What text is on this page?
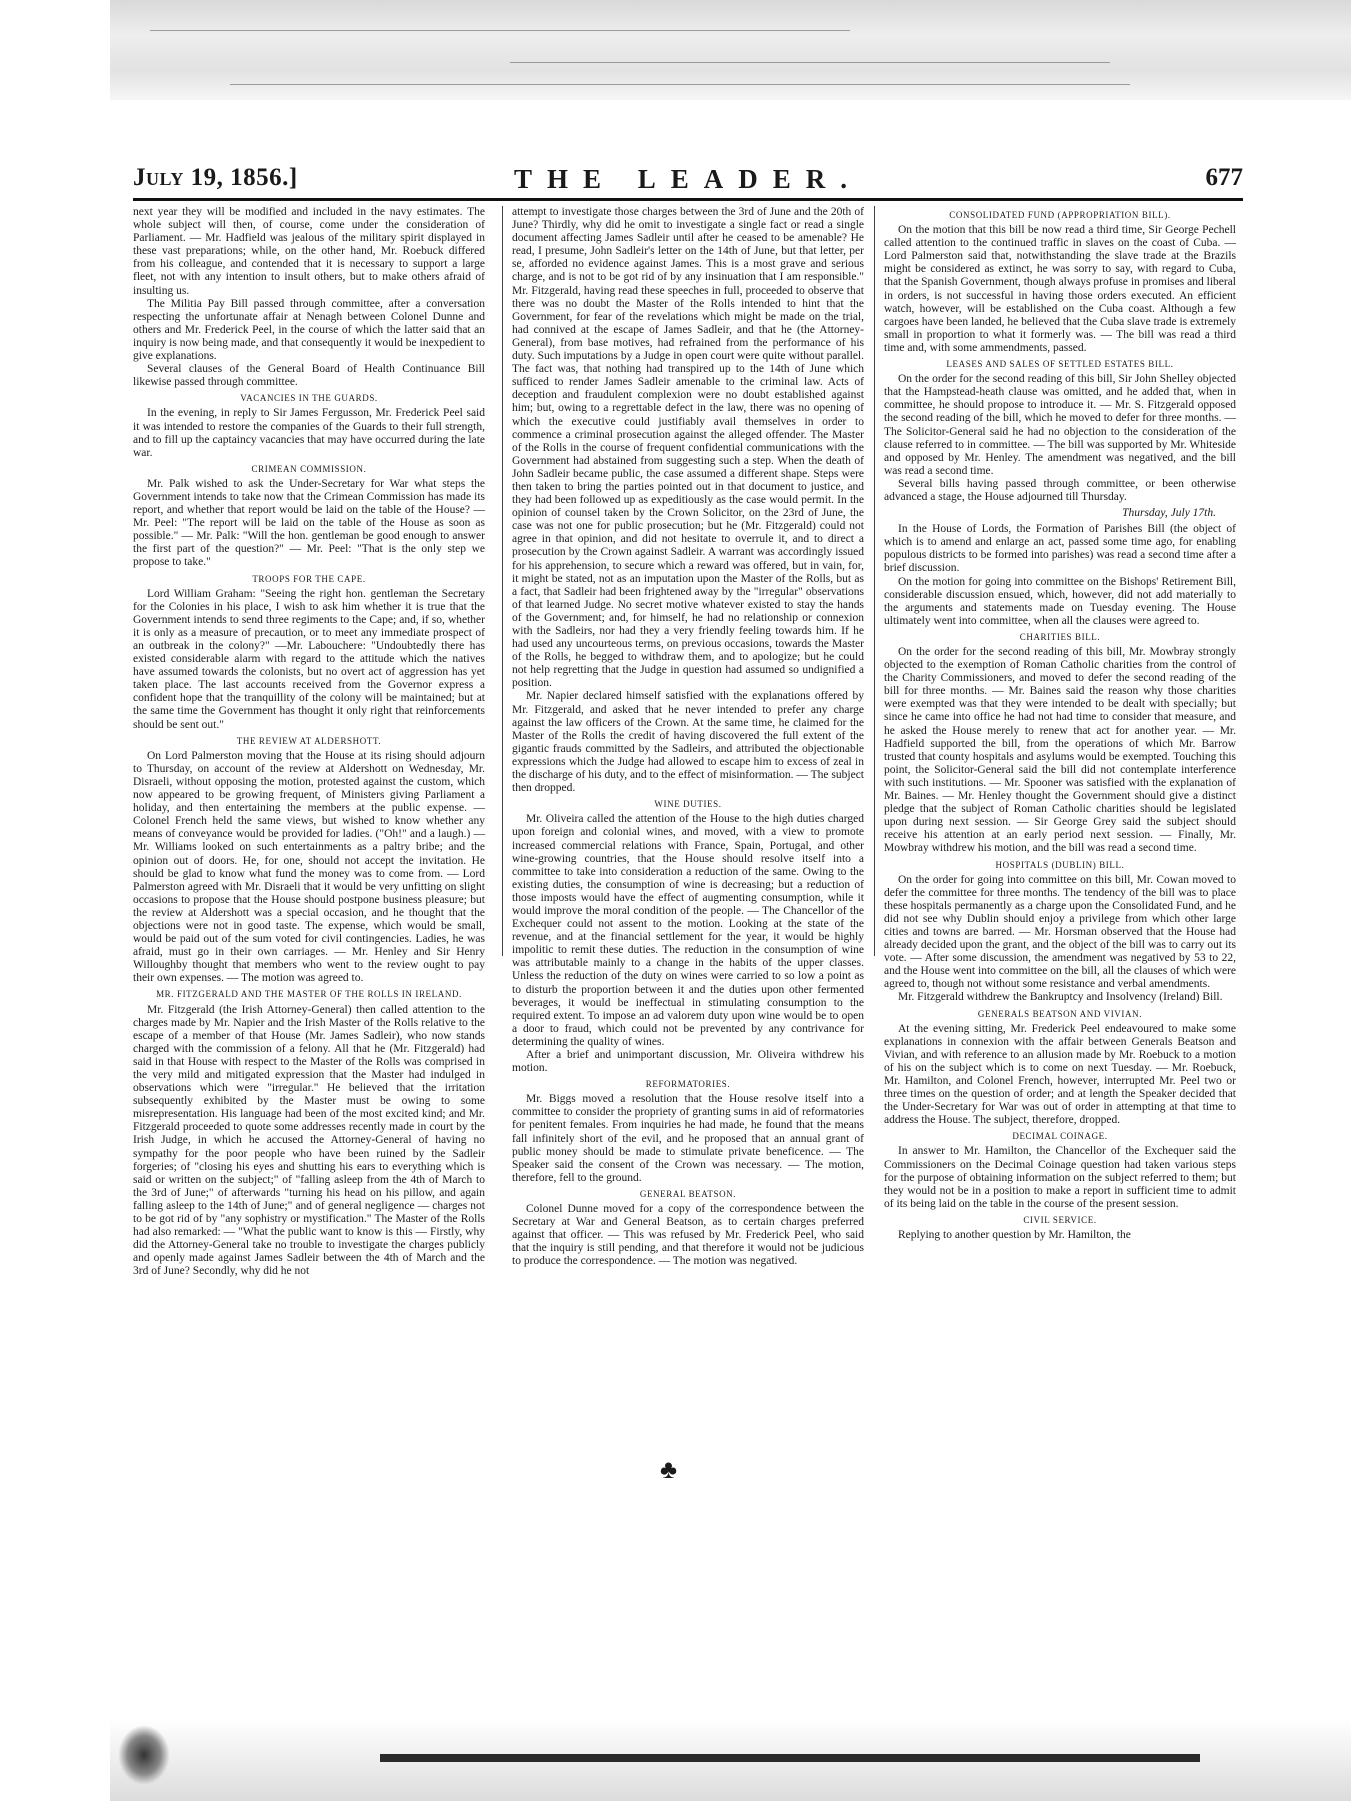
July 19, 1856.]	THE LEADER.	677

next year they will be modified and included in the navy estimates. The whole subject will then, of course, come under the consideration of Parliament. — Mr. Hadfield was jealous of the military spirit displayed in these vast preparations; while, on the other hand, Mr. Roebuck differed from his colleague, and contended that it is necessary to support a large fleet, not with any intention to insult others, but to make others afraid of insulting us.

The Militia Pay Bill passed through committee, after a conversation respecting the unfortunate affair at Nenagh between Colonel Dunne and others and Mr. Frederick Peel, in the course of which the latter said that an inquiry is now being made, and that consequently it would be inexpedient to give explanations.

Several clauses of the General Board of Health Continuance Bill likewise passed through committee.

VACANCIES IN THE GUARDS.

In the evening, in reply to Sir James Fergusson, Mr. Frederick Peel said it was intended to restore the companies of the Guards to their full strength, and to fill up the captaincy vacancies that may have occurred during the late war.

CRIMEAN COMMISSION.

Mr. Palk wished to ask the Under-Secretary for War what steps the Government intends to take now that the Crimean Commission has made its report, and whether that report would be laid on the table of the House? — Mr. Peel: "The report will be laid on the table of the House as soon as possible." — Mr. Palk: "Will the hon. gentleman be good enough to answer the first part of the question?" — Mr. Peel: "That is the only step we propose to take."

TROOPS FOR THE CAPE.

Lord William Graham: "Seeing the right hon. gentleman the Secretary for the Colonies in his place, I wish to ask him whether it is true that the Government intends to send three regiments to the Cape; and, if so, whether it is only as a measure of precaution, or to meet any immediate prospect of an outbreak in the colony?" —Mr. Labouchere: "Undoubtedly there has existed considerable alarm with regard to the attitude which the natives have assumed towards the colonists, but no overt act of aggression has yet taken place. The last accounts received from the Governor express a confident hope that the tranquillity of the colony will be maintained; but at the same time the Government has thought it only right that reinforcements should be sent out."

THE REVIEW AT ALDERSHOTT.

On Lord Palmerston moving that the House at its rising should adjourn to Thursday, on account of the review at Aldershott on Wednesday, Mr. Disraeli, without opposing the motion, protested against the custom, which now appeared to be growing frequent, of Ministers giving Parliament a holiday, and then entertaining the members at the public expense. — Colonel French held the same views, but wished to know whether any means of conveyance would be provided for ladies. ("Oh!" and a laugh.) — Mr. Williams looked on such entertainments as a paltry bribe; and the opinion out of doors. He, for one, should not accept the invitation. He should be glad to know what fund the money was to come from. — Lord Palmerston agreed with Mr. Disraeli that it would be very unfitting on slight occasions to propose that the House should postpone business pleasure; but the review at Aldershott was a special occasion, and he thought that the objections were not in good taste. The expense, which would be small, would be paid out of the sum voted for civil contingencies. Ladies, he was afraid, must go in their own carriages. — Mr. Henley and Sir Henry Willoughby thought that members who went to the review ought to pay their own expenses. — The motion was agreed to.

MR. FITZGERALD AND THE MASTER OF THE ROLLS IN IRELAND.

Mr. Fitzgerald (the Irish Attorney-General) then called attention to the charges made by Mr. Napier and the Irish Master of the Rolls relative to the escape of a member of that House (Mr. James Sadleir), who now stands charged with the commission of a felony. All that he (Mr. Fitzgerald) had said in that House with respect to the Master of the Rolls was comprised in the very mild and mitigated expression that the Master had indulged in observations which were "irregular." He believed that the irritation subsequently exhibited by the Master must be owing to some misrepresentation. His language had been of the most excited kind; and Mr. Fitzgerald proceeded to quote some addresses recently made in court by the Irish Judge, in which he accused the Attorney-General of having no sympathy for the poor people who have been ruined by the Sadleir forgeries; of "closing his eyes and shutting his ears to everything which is said or written on the subject;" of "falling asleep from the 4th of March to the 3rd of June;" of afterwards "turning his head on his pillow, and again falling asleep to the 14th of June;" and of general negligence — charges not to be got rid of by "any sophistry or mystification." The Master of the Rolls had also remarked: — "What the public want to know is this — Firstly, why did the Attorney-General take no trouble to investigate the charges publicly and openly made against James Sadleir between the 4th of March and the 3rd of June? Secondly, why did he not

attempt to investigate those charges between the 3rd of June and the 20th of June? Thirdly, why did he omit to investigate a single fact or read a single document affecting James Sadleir until after he ceased to be amenable? He read, I presume, John Sadleir's letter on the 14th of June, but that letter, per se, afforded no evidence against James. This is a most grave and serious charge, and is not to be got rid of by any insinuation that I am responsible." Mr. Fitzgerald, having read these speeches in full, proceeded to observe that there was no doubt the Master of the Rolls intended to hint that the Government, for fear of the revelations which might be made on the trial, had connived at the escape of James Sadleir, and that he (the Attorney-General), from base motives, had refrained from the performance of his duty. Such imputations by a Judge in open court were quite without parallel. The fact was, that nothing had transpired up to the 14th of June which sufficed to render James Sadleir amenable to the criminal law. Acts of deception and fraudulent complexion were no doubt established against him; but, owing to a regrettable defect in the law, there was no opening of which the executive could justifiably avail themselves in order to commence a criminal prosecution against the alleged offender. The Master of the Rolls in the course of frequent confidential communications with the Government had abstained from suggesting such a step. When the death of John Sadleir became public, the case assumed a different shape. Steps were then taken to bring the parties pointed out in that document to justice, and they had been followed up as expeditiously as the case would permit. In the opinion of counsel taken by the Crown Solicitor, on the 23rd of June, the case was not one for public prosecution; but he (Mr. Fitzgerald) could not agree in that opinion, and did not hesitate to overrule it, and to direct a prosecution by the Crown against Sadleir. A warrant was accordingly issued for his apprehension, to secure which a reward was offered, but in vain, for, it might be stated, not as an imputation upon the Master of the Rolls, but as a fact, that Sadleir had been frightened away by the "irregular" observations of that learned Judge. No secret motive whatever existed to stay the hands of the Government; and, for himself, he had no relationship or connexion with the Sadleirs, nor had they a very friendly feeling towards him. If he had used any uncourteous terms, on previous occasions, towards the Master of the Rolls, he begged to withdraw them, and to apologize; but he could not help regretting that the Judge in question had assumed so undignified a position.

Mr. Napier declared himself satisfied with the explanations offered by Mr. Fitzgerald, and asked that he never intended to prefer any charge against the law officers of the Crown. At the same time, he claimed for the Master of the Rolls the credit of having discovered the full extent of the gigantic frauds committed by the Sadleirs, and attributed the objectionable expressions which the Judge had allowed to escape him to excess of zeal in the discharge of his duty, and to the effect of misinformation. — The subject then dropped.

WINE DUTIES.

Mr. Oliveira called the attention of the House to the high duties charged upon foreign and colonial wines, and moved, with a view to promote increased commercial relations with France, Spain, Portugal, and other wine-growing countries, that the House should resolve itself into a committee to take into consideration a reduction of the same. Owing to the existing duties, the consumption of wine is decreasing; but a reduction of those imposts would have the effect of augmenting consumption, while it would improve the moral condition of the people. — The Chancellor of the Exchequer could not assent to the motion. Looking at the state of the revenue, and at the financial settlement for the year, it would be highly impolitic to remit these duties. The reduction in the consumption of wine was attributable mainly to a change in the habits of the upper classes. Unless the reduction of the duty on wines were carried to so low a point as to disturb the proportion between it and the duties upon other fermented beverages, it would be ineffectual in stimulating consumption to the required extent. To impose an ad valorem duty upon wine would be to open a door to fraud, which could not be prevented by any contrivance for determining the quality of wines.

After a brief and unimportant discussion, Mr. Oliveira withdrew his motion.

REFORMATORIES.

Mr. Biggs moved a resolution that the House resolve itself into a committee to consider the propriety of granting sums in aid of reformatories for penitent females. From inquiries he had made, he found that the means fall infinitely short of the evil, and he proposed that an annual grant of public money should be made to stimulate private beneficence. — The Speaker said the consent of the Crown was necessary. — The motion, therefore, fell to the ground.

GENERAL BEATSON.

Colonel Dunne moved for a copy of the correspondence between the Secretary at War and General Beatson, as to certain charges preferred against that officer. — This was refused by Mr. Frederick Peel, who said that the inquiry is still pending, and that therefore it would not be judicious to produce the correspondence. — The motion was negatived.

CONSOLIDATED FUND (APPROPRIATION BILL).

On the motion that this bill be now read a third time, Sir George Pechell called attention to the continued traffic in slaves on the coast of Cuba. — Lord Palmerston said that, notwithstanding the slave trade at the Brazils might be considered as extinct, he was sorry to say, with regard to Cuba, that the Spanish Government, though always profuse in promises and liberal in orders, is not successful in having those orders executed. An efficient watch, however, will be established on the Cuba coast. Although a few cargoes have been landed, he believed that the Cuba slave trade is extremely small in proportion to what it formerly was. — The bill was read a third time and, with some ammendments, passed.

LEASES AND SALES OF SETTLED ESTATES BILL.

On the order for the second reading of this bill, Sir John Shelley objected that the Hampstead-heath clause was omitted, and he added that, when in committee, he should propose to introduce it. — Mr. S. Fitzgerald opposed the second reading of the bill, which he moved to defer for three months. — The Solicitor-General said he had no objection to the consideration of the clause referred to in committee. — The bill was supported by Mr. Whiteside and opposed by Mr. Henley. The amendment was negatived, and the bill was read a second time.

Several bills having passed through committee, or been otherwise advanced a stage, the House adjourned till Thursday.

Thursday, July 17th.

In the House of Lords, the Formation of Parishes Bill (the object of which is to amend and enlarge an act, passed some time ago, for enabling populous districts to be formed into parishes) was read a second time after a brief discussion.

On the motion for going into committee on the Bishops' Retirement Bill, considerable discussion ensued, which, however, did not add materially to the arguments and statements made on Tuesday evening. The House ultimately went into committee, when all the clauses were agreed to.

CHARITIES BILL.

On the order for the second reading of this bill, Mr. Mowbray strongly objected to the exemption of Roman Catholic charities from the control of the Charity Commissioners, and moved to defer the second reading of the bill for three months. — Mr. Baines said the reason why those charities were exempted was that they were intended to be dealt with specially; but since he came into office he had not had time to consider that measure, and he asked the House merely to renew that act for another year. — Mr. Hadfield supported the bill, from the operations of which Mr. Barrow trusted that county hospitals and asylums would be exempted. Touching this point, the Solicitor-General said the bill did not contemplate interference with such institutions. — Mr. Spooner was satisfied with the explanation of Mr. Baines. — Mr. Henley thought the Government should give a distinct pledge that the subject of Roman Catholic charities should be legislated upon during next session. — Sir George Grey said the subject should receive his attention at an early period next session. — Finally, Mr. Mowbray withdrew his motion, and the bill was read a second time.

HOSPITALS (DUBLIN) BILL.

On the order for going into committee on this bill, Mr. Cowan moved to defer the committee for three months. The tendency of the bill was to place these hospitals permanently as a charge upon the Consolidated Fund, and he did not see why Dublin should enjoy a privilege from which other large cities and towns are barred. — Mr. Horsman observed that the House had already decided upon the grant, and the object of the bill was to carry out its vote. — After some discussion, the amendment was negatived by 53 to 22, and the House went into committee on the bill, all the clauses of which were agreed to, though not without some resistance and verbal amendments.

Mr. Fitzgerald withdrew the Bankruptcy and Insolvency (Ireland) Bill.

GENERALS BEATSON AND VIVIAN.

At the evening sitting, Mr. Frederick Peel endeavoured to make some explanations in connexion with the affair between Generals Beatson and Vivian, and with reference to an allusion made by Mr. Roebuck to a motion of his on the subject which is to come on next Tuesday. — Mr. Roebuck, Mr. Hamilton, and Colonel French, however, interrupted Mr. Peel two or three times on the question of order; and at length the Speaker decided that the Under-Secretary for War was out of order in attempting at that time to address the House. The subject, therefore, dropped.

DECIMAL COINAGE.

In answer to Mr. Hamilton, the Chancellor of the Exchequer said the Commissioners on the Decimal Coinage question had taken various steps for the purpose of obtaining information on the subject referred to them; but they would not be in a position to make a report in sufficient time to admit of its being laid on the table in the course of the present session.

CIVIL SERVICE.

Replying to another question by Mr. Hamilton, the

♣
